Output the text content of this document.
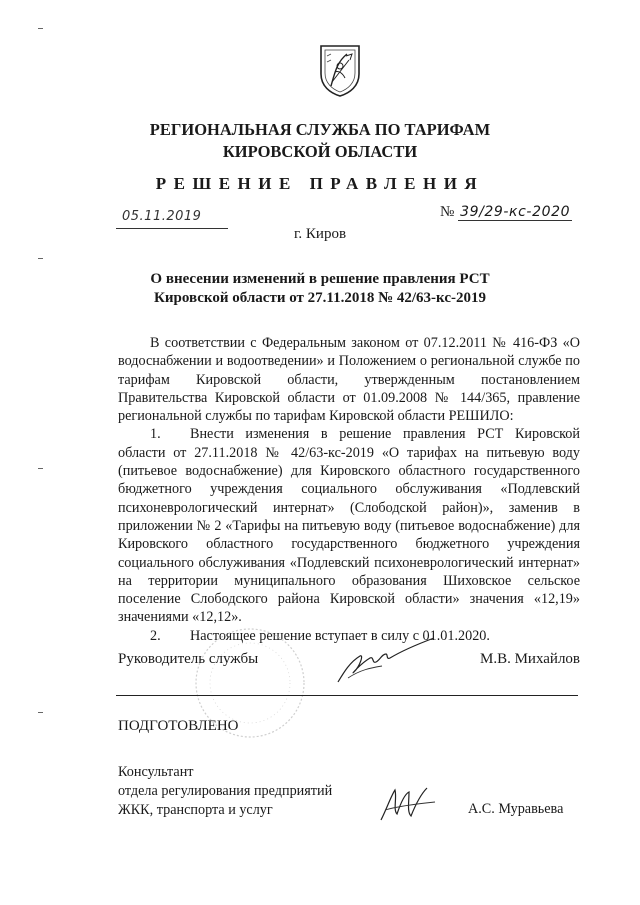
РЕГИОНАЛЬНАЯ СЛУЖБА ПО ТАРИФАМ
КИРОВСКОЙ ОБЛАСТИ
РЕШЕНИЕ ПРАВЛЕНИЯ
05.11.2019	№ 39/29-кс-2020
г. Киров
О внесении изменений в решение правления РСТ
Кировской области от 27.11.2018 № 42/63-кс-2019

В соответствии с Федеральным законом от 07.12.2011 № 416-ФЗ «О водоснабжении и водоотведении» и Положением о региональной службе по тарифам Кировской области, утвержденным постановлением Правительства Кировской области от 01.09.2008 № 144/365, правление региональной службы по тарифам Кировской области РЕШИЛО:

1. Внести изменения в решение правления РСТ Кировской области от 27.11.2018 № 42/63-кс-2019 «О тарифах на питьевую воду (питьевое водоснабжение) для Кировского областного государственного бюджетного учреждения социального обслуживания «Подлевский психоневрологический интернат» (Слободской район)», заменив в приложении № 2 «Тарифы на питьевую воду (питьевое водоснабжение) для Кировского областного государственного бюджетного учреждения социального обслуживания «Подлевский психоневрологический интернат» на территории муниципального образования Шиховское сельское поселение Слободского района Кировской области» значения «12,19» значениями «12,12».

2. Настоящее решение вступает в силу с 01.01.2020.

Руководитель службы	М.В. Михайлов
ПОДГОТОВЛЕНО

Консультант

отдела регулирования предприятий

ЖКК, транспорта и услуг	А.С. Муравьева
